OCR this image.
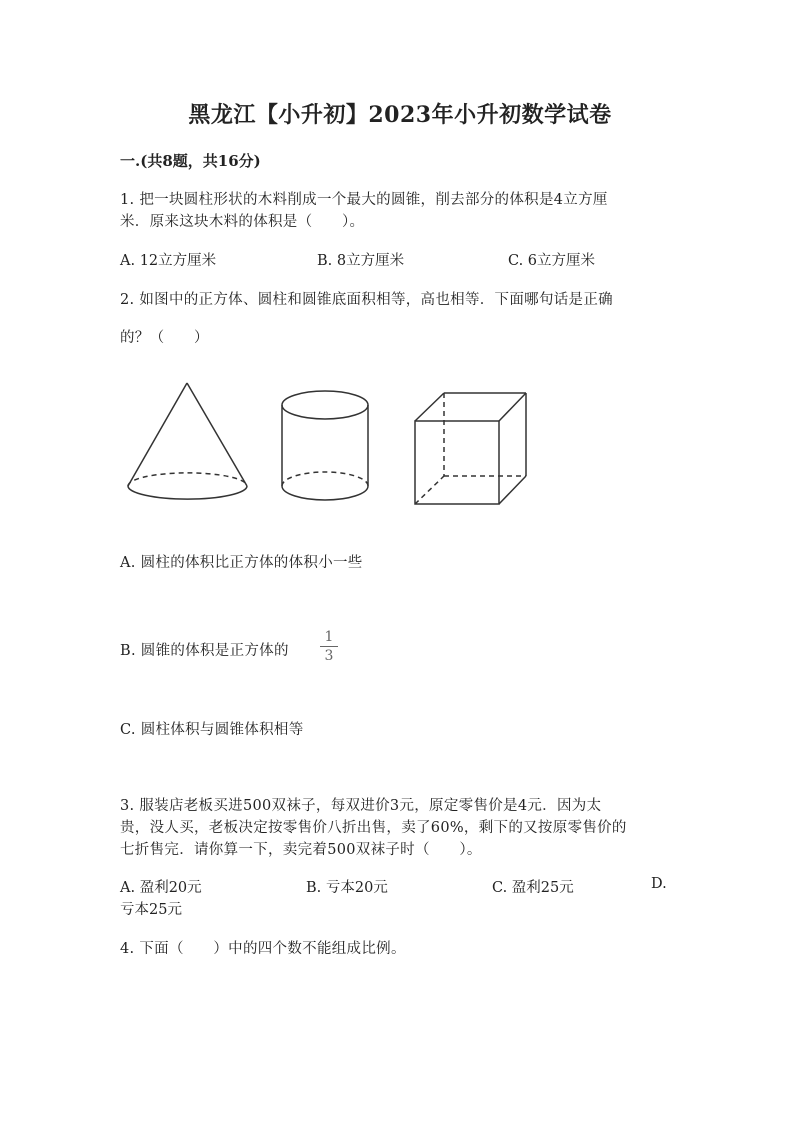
黑龙江【小升初】2023年小升初数学试卷
一.(共8题，共16分)
1. 把一块圆柱形状的木料削成一个最大的圆锥，削去部分的体积是4立方厘
米．原来这块木料的体积是（　　）。
A. 12立方厘米	B. 8立方厘米	C. 6立方厘米
2. 如图中的正方体、圆柱和圆锥底面积相等，高也相等．下面哪句话是正确
的？（　　）
A. 圆柱的体积比正方体的体积小一些
B. 圆锥的体积是正方体的
1
3
C. 圆柱体积与圆锥体积相等
3. 服装店老板买进500双袜子，每双进价3元，原定零售价是4元．因为太
贵，没人买，老板决定按零售价八折出售，卖了60%，剩下的又按原零售价的
七折售完．请你算一下，卖完着500双袜子时（　　）。
A. 盈利20元	B. 亏本20元	C. 盈利25元	D.
亏本25元
4. 下面（　　）中的四个数不能组成比例。
